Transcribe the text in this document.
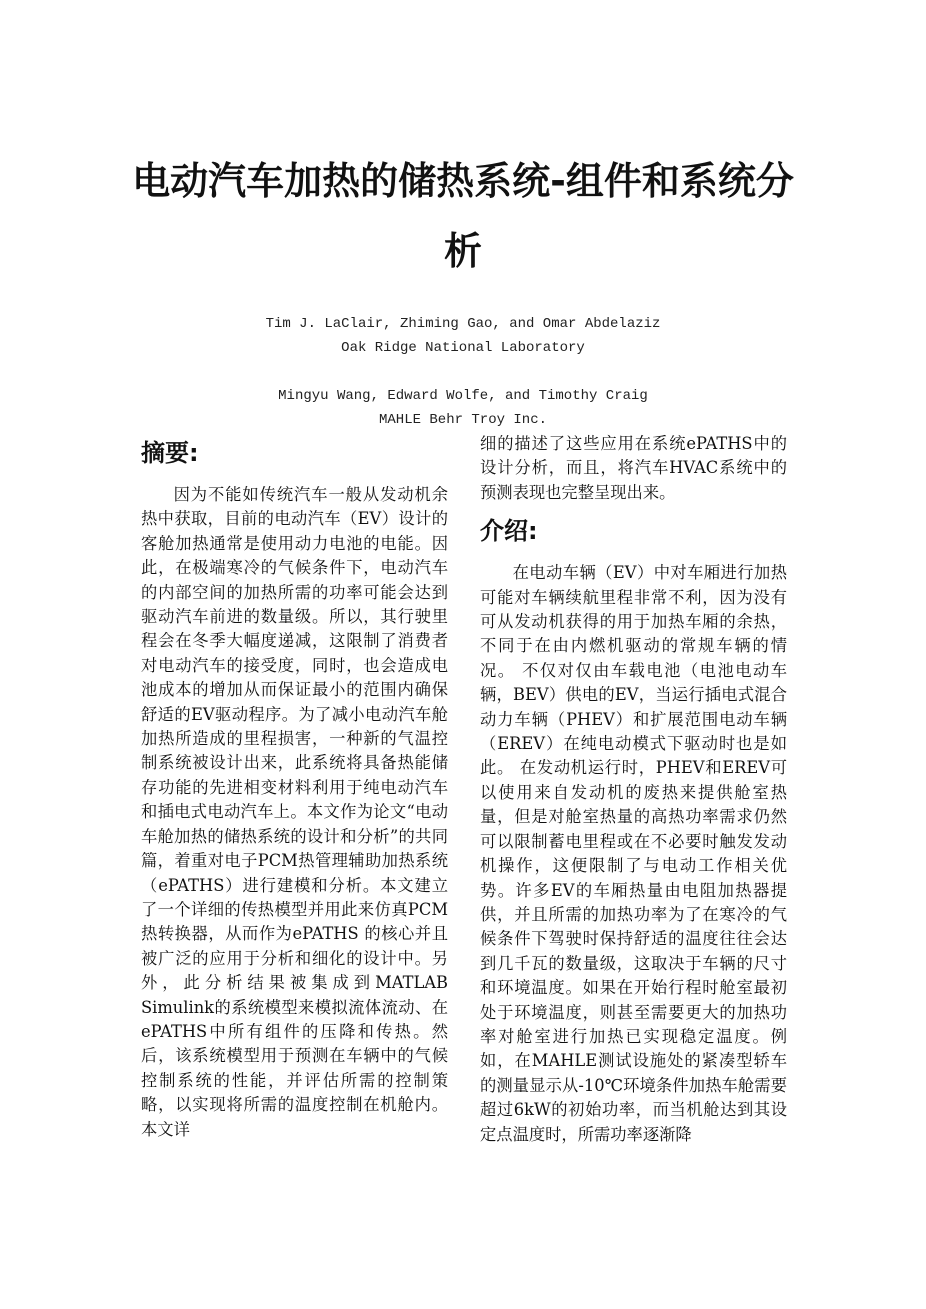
电动汽车加热的储热系统-组件和系统分析
Tim J. LaClair, Zhiming Gao, and Omar Abdelaziz
Oak Ridge National Laboratory
Mingyu Wang, Edward Wolfe, and Timothy Craig
MAHLE Behr Troy Inc.
摘要:

因为不能如传统汽车一般从发动机余热中获取，目前的电动汽车（EV）设计的客舱加热通常是使用动力电池的电能。因此，在极端寒冷的气候条件下，电动汽车的内部空间的加热所需的功率可能会达到驱动汽车前进的数量级。所以，其行驶里程会在冬季大幅度递减，这限制了消费者对电动汽车的接受度，同时，也会造成电池成本的增加从而保证最小的范围内确保舒适的EV驱动程序。为了减小电动汽车舱加热所造成的里程损害，一种新的气温控制系统被设计出来，此系统将具备热能储存功能的先进相变材料利用于纯电动汽车和插电式电动汽车上。本文作为论文“电动车舱加热的储热系统的设计和分析”的共同篇，着重对电子PCM热管理辅助加热系统（ePATHS）进行建模和分析。本文建立了一个详细的传热模型并用此来仿真PCM热转换器，从而作为ePATHS 的核心并且被广泛的应用于分析和细化的设计中。另外，此分析结果被集成到MATLAB Simulink的系统模型来模拟流体流动、在ePATHS中所有组件的压降和传热。然后，该系统模型用于预测在车辆中的气候控制系统的性能，并评估所需的控制策略，以实现将所需的温度控制在机舱内。本文详

细的描述了这些应用在系统ePATHS中的设计分析，而且，将汽车HVAC系统中的预测表现也完整呈现出来。

介绍:

在电动车辆（EV）中对车厢进行加热可能对车辆续航里程非常不利，因为没有可从发动机获得的用于加热车厢的余热，不同于在由内燃机驱动的常规车辆的情况。 不仅对仅由车载电池（电池电动车辆，BEV）供电的EV，当运行插电式混合动力车辆（PHEV）和扩展范围电动车辆（EREV）在纯电动模式下驱动时也是如此。 在发动机运行时，PHEV和EREV可以使用来自发动机的废热来提供舱室热量，但是对舱室热量的高热功率需求仍然可以限制蓄电里程或在不必要时触发发动机操作，这便限制了与电动工作相关优势。许多EV的车厢热量由电阻加热器提供，并且所需的加热功率为了在寒冷的气候条件下驾驶时保持舒适的温度往往会达到几千瓦的数量级，这取决于车辆的尺寸和环境温度。如果在开始行程时舱室最初处于环境温度，则甚至需要更大的加热功率对舱室进行加热已实现稳定温度。例如，在MAHLE测试设施处的紧凑型轿车的测量显示从-10℃环境条件加热车舱需要超过6kW的初始功率，而当机舱达到其设定点温度时，所需功率逐渐降
